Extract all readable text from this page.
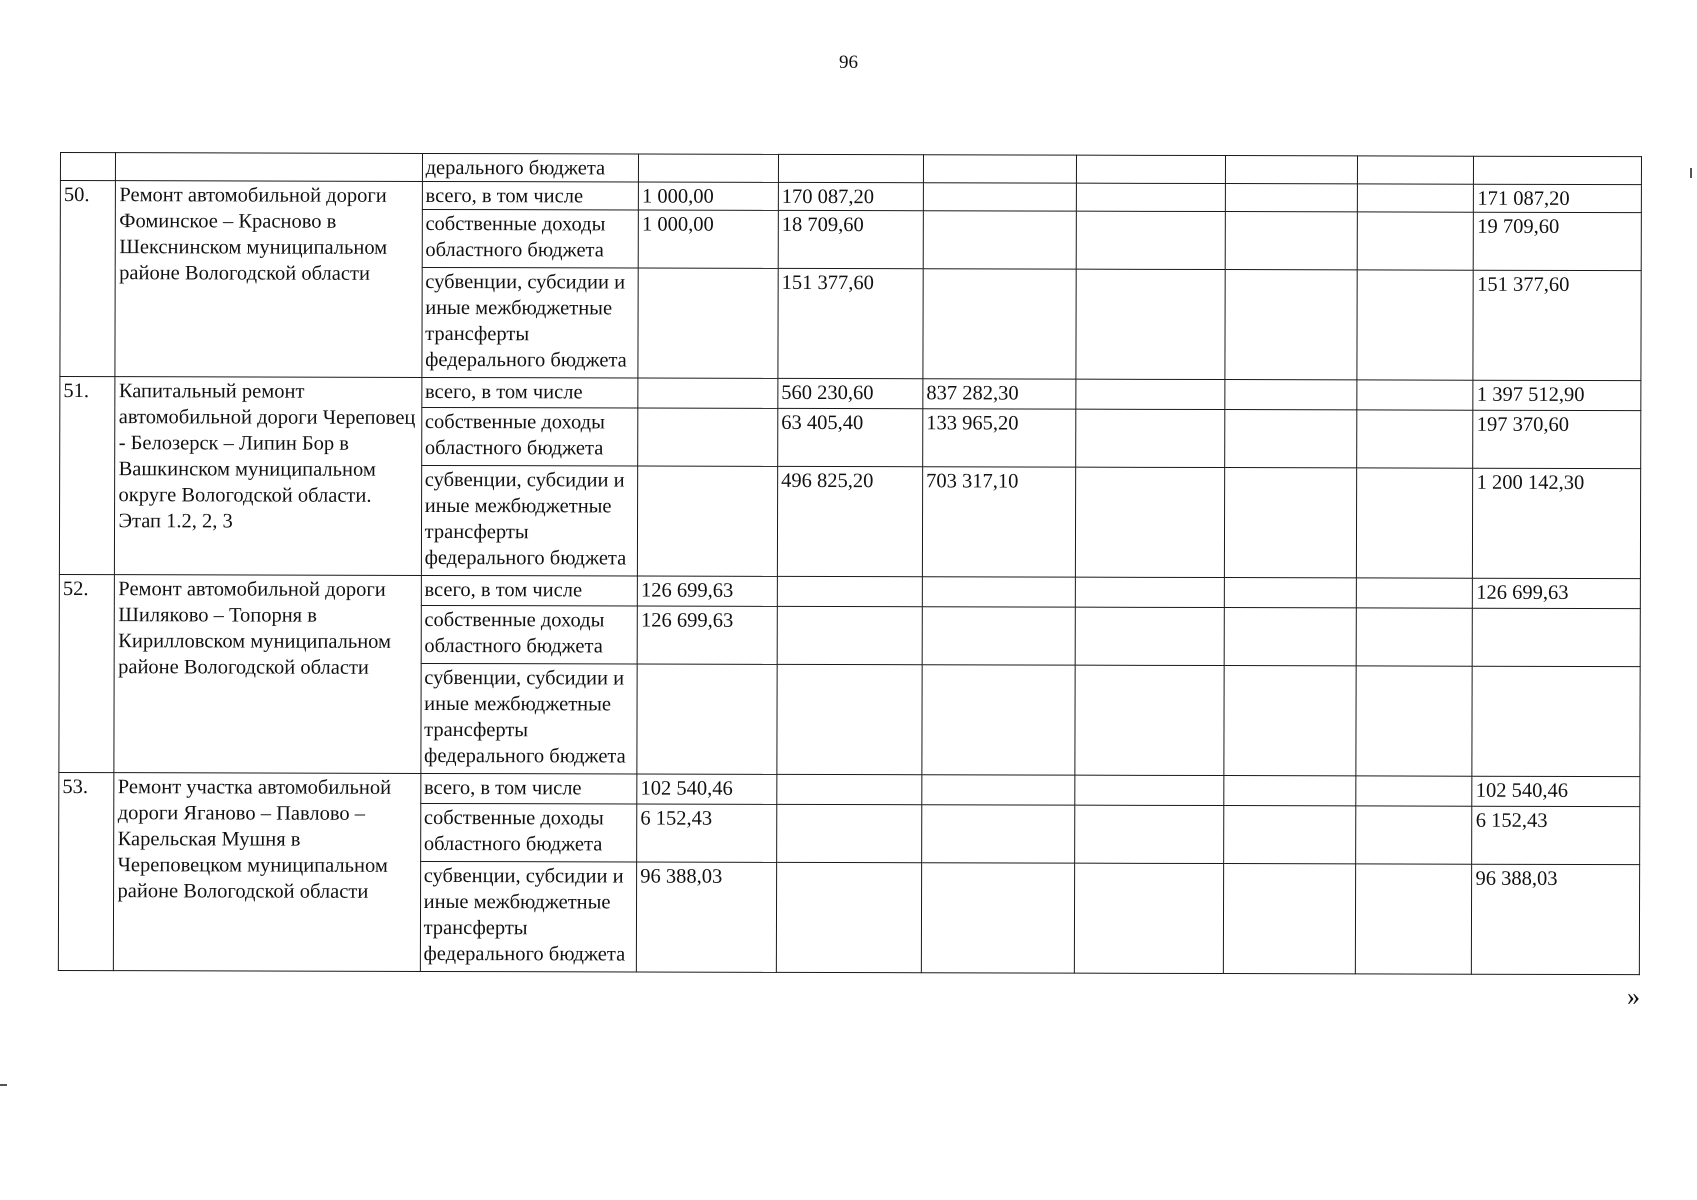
96
		дерального бюджета							
50.	Ремонт автомобильной дороги Фоминское – Красново в Шекснинском муниципальном районе Вологодской области	всего, в том числе	1 000,00	170 087,20					171 087,20
		собственные доходы областного бюджета	1 000,00	18 709,60					19 709,60
		субвенции, субсидии и иные межбюджетные трансферты федерального бюджета		151 377,60					151 377,60
51.	Капитальный ремонт автомобильной дороги Череповец - Белозерск – Липин Бор в Вашкинском муниципальном округе Вологодской области. Этап 1.2, 2, 3	всего, в том числе		560 230,60	837 282,30				1 397 512,90
		собственные доходы областного бюджета		63 405,40	133 965,20				197 370,60
		субвенции, субсидии и иные межбюджетные трансферты федерального бюджета		496 825,20	703 317,10				1 200 142,30
52.	Ремонт автомобильной дороги Шиляково – Топорня в Кирилловском муниципальном районе Вологодской области	всего, в том числе	126 699,63						126 699,63
		собственные доходы областного бюджета	126 699,63						
		субвенции, субсидии и иные межбюджетные трансферты федерального бюджета							
53.	Ремонт участка автомобильной дороги Яганово – Павлово – Карельская Мушня в Череповецком муниципальном районе Вологодской области	всего, в том числе	102 540,46						102 540,46
		собственные доходы областного бюджета	6 152,43						6 152,43
		субвенции, субсидии и иные межбюджетные трансферты федерального бюджета	96 388,03						96 388,03
»
